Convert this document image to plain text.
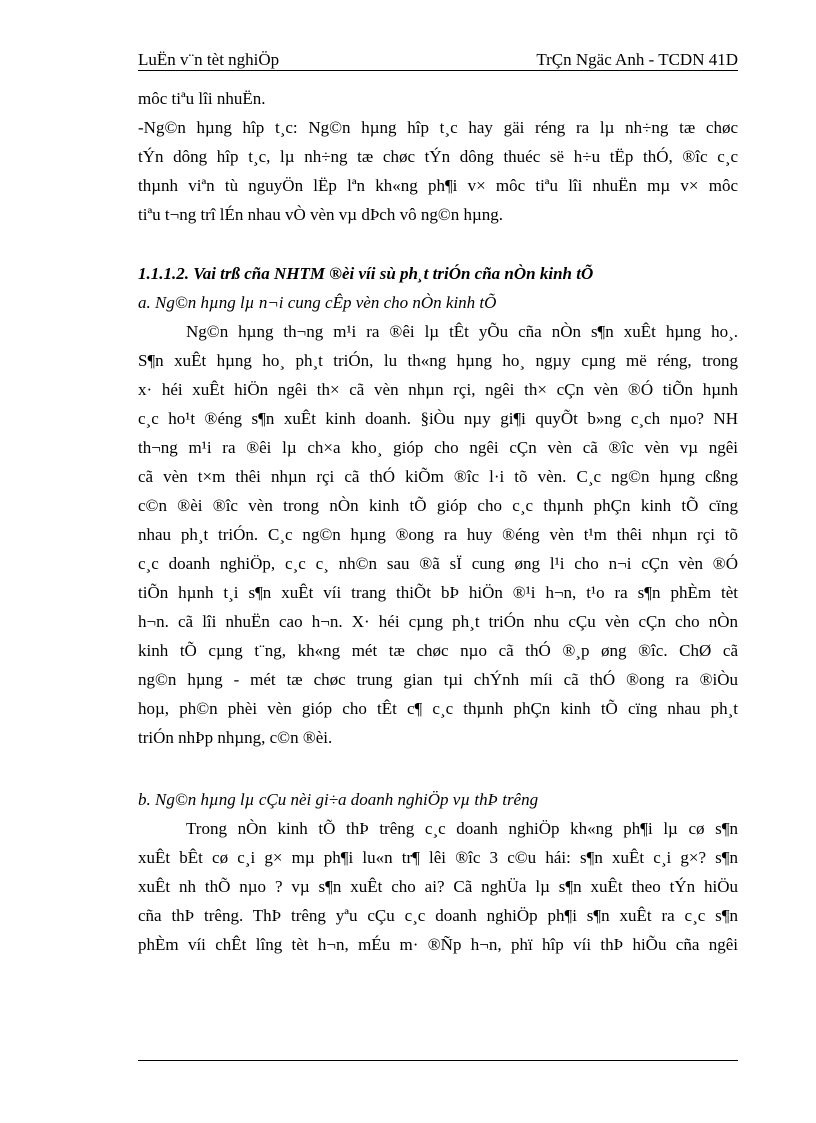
LuËn v¨n tèt nghiÖp	TrÇn Ngäc Anh - TCDN 41D
môc tiªu lîi nhuËn.
-Ng©n hµng hîp t¸c: Ng©n hµng hîp t¸c hay gäi réng ra lµ nh÷ng tæ chøc
tÝn dông hîp t¸c, lµ nh÷ng tæ chøc tÝn dông thuéc së h÷u tËp thÓ, ®îc c¸c
thµnh viªn tù nguyÖn lËp lªn kh«ng ph¶i v× môc tiªu lîi nhuËn mµ v× môc
tiªu t¬ng trî lÉn nhau vÒ vèn vµ dÞch vô ng©n hµng.
1.1.1.2. Vai trß cña NHTM ®èi víi sù ph¸t triÓn cña nÒn kinh tÕ
a. Ng©n hµng lµ n¬i cung cÊp vèn cho nÒn kinh tÕ
Ng©n hµng th¬ng m¹i ra ®êi lµ tÊt yÕu cña nÒn s¶n xuÊt hµng ho¸.
S¶n xuÊt hµng ho¸ ph¸t triÓn, lu th«ng hµng ho¸ ngµy cµng më réng, trong
x· héi xuÊt hiÖn ngêi th× cã vèn nhµn rçi, ngêi th× cÇn vèn ®Ó tiÕn hµnh
c¸c ho¹t ®éng s¶n xuÊt kinh doanh. §iÒu nµy gi¶i quyÕt b»ng c¸ch nµo? NH
th¬ng m¹i ra ®êi lµ ch×a kho¸ gióp cho ngêi cÇn vèn cã ®îc vèn vµ ngêi
cã vèn t×m thêi nhµn rçi cã thÓ kiÕm ®îc l·i tõ vèn. C¸c ng©n hµng cßng
c©n ®èi ®îc vèn trong nÒn kinh tÕ gióp cho c¸c thµnh phÇn kinh tÕ cïng
nhau ph¸t triÓn. C¸c ng©n hµng ®ong ra huy ®éng vèn t¹m thêi nhµn rçi tõ
c¸c doanh nghiÖp, c¸c c¸ nh©n sau ®ã sÏ cung øng l¹i cho n¬i cÇn vèn ®Ó
tiÕn hµnh t¸i s¶n xuÊt víi trang thiÕt bÞ hiÖn ®¹i h¬n, t¹o ra s¶n phÈm tèt
h¬n. cã lîi nhuËn cao h¬n. X· héi cµng ph¸t triÓn nhu cÇu vèn cÇn cho nÒn
kinh tÕ cµng t¨ng, kh«ng mét tæ chøc nµo cã thÓ ®¸p øng ®îc. ChØ cã
ng©n hµng - mét tæ chøc trung gian tµi chÝnh míi cã thÓ ®ong ra ®iÒu
hoµ, ph©n phèi vèn gióp cho tÊt c¶ c¸c thµnh phÇn kinh tÕ cïng nhau ph¸t
triÓn nhÞp nhµng, c©n ®èi.
b. Ng©n hµng lµ cÇu nèi gi÷a doanh nghiÖp vµ thÞ trêng
Trong nÒn kinh tÕ thÞ trêng c¸c doanh nghiÖp kh«ng ph¶i lµ cø s¶n
xuÊt bÊt cø c¸i g× mµ ph¶i lu«n tr¶ lêi ®îc 3 c©u hái: s¶n xuÊt c¸i g×? s¶n
xuÊt nh thÕ nµo ? vµ s¶n xuÊt cho ai? Cã nghÜa lµ s¶n xuÊt theo tÝn hiÖu
cña thÞ trêng. ThÞ trêng yªu cÇu c¸c doanh nghiÖp ph¶i s¶n xuÊt ra c¸c s¶n
phÈm víi chÊt lîng tèt h¬n, mÉu m· ®Ñp h¬n, phï hîp víi thÞ hiÕu cña ngêi
